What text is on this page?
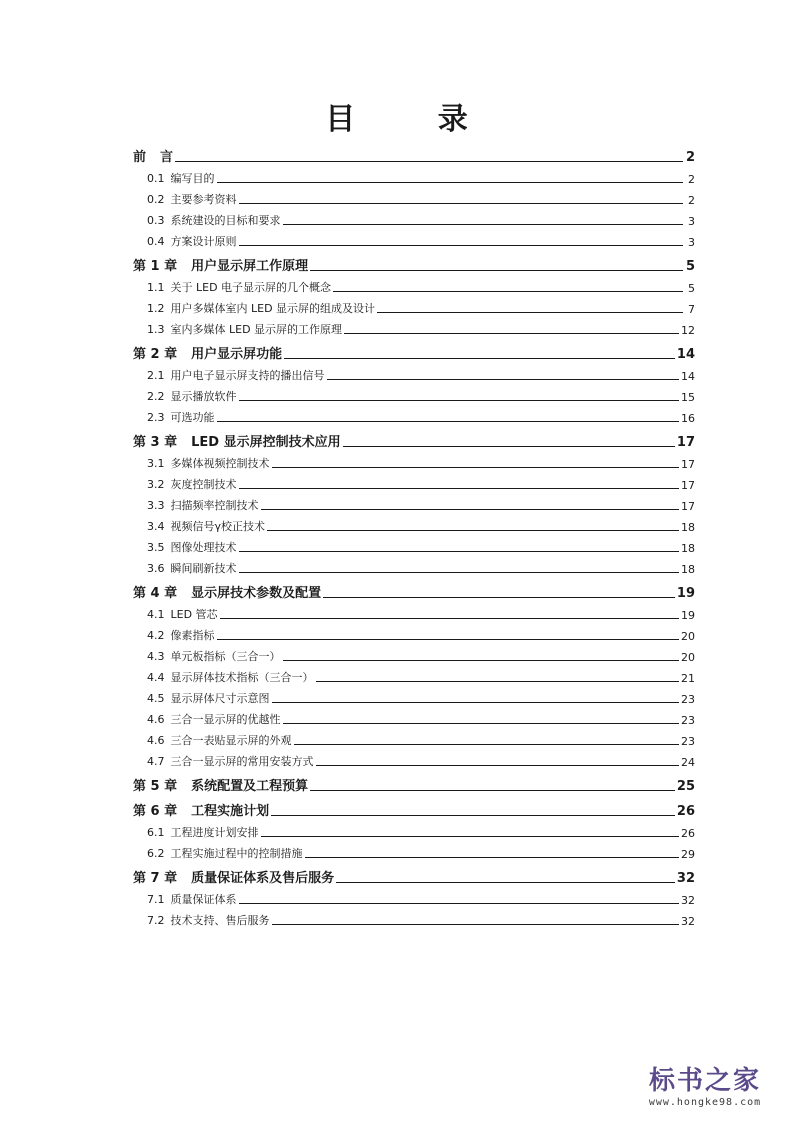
目 录
前 言	2
0.1 编写目的	2
0.2 主要参考资料	2
0.3 系统建设的目标和要求	3
0.4 方案设计原则	3
第 1 章 用户显示屏工作原理	5
1.1 关于 LED 电子显示屏的几个概念	5
1.2 用户多媒体室内 LED 显示屏的组成及设计	7
1.3 室内多媒体 LED 显示屏的工作原理	12
第 2 章 用户显示屏功能	14
2.1 用户电子显示屏支持的播出信号	14
2.2 显示播放软件	15
2.3 可选功能	16
第 3 章 LED 显示屏控制技术应用	17
3.1 多媒体视频控制技术	17
3.2 灰度控制技术	17
3.3 扫描频率控制技术	17
3.4 视频信号γ校正技术	18
3.5 图像处理技术	18
3.6 瞬间刷新技术	18
第 4 章 显示屏技术参数及配置	19
4.1 LED 管芯	19
4.2 像素指标	20
4.3 单元板指标（三合一）	20
4.4 显示屏体技术指标（三合一）	21
4.5 显示屏体尺寸示意图	23
4.6 三合一显示屏的优越性	23
4.6 三合一表贴显示屏的外观	23
4.7 三合一显示屏的常用安装方式	24
第 5 章 系统配置及工程预算	25
第 6 章 工程实施计划	26
6.1 工程进度计划安排	26
6.2 工程实施过程中的控制措施	29
第 7 章 质量保证体系及售后服务	32
7.1 质量保证体系	32
7.2 技术支持、售后服务	32
标书之家
www.hongke98.com
